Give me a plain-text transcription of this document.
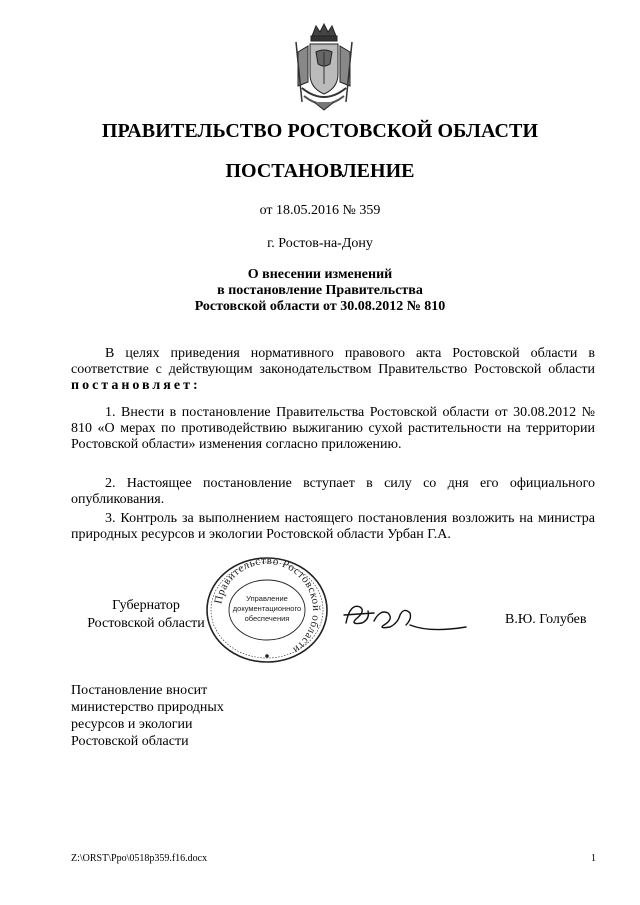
ПРАВИТЕЛЬСТВО РОСТОВСКОЙ ОБЛАСТИ
ПОСТАНОВЛЕНИЕ
от 18.05.2016 № 359
г. Ростов-на-Дону
О внесении изменений
в постановление Правительства
Ростовской области от 30.08.2012 № 810
В целях приведения нормативного правового акта Ростовской области в соответствие с действующим законодательством Правительство Ростовской области постановляет:
1. Внести в постановление Правительства Ростовской области от 30.08.2012 № 810 «О мерах по противодействию выжиганию сухой растительности на территории Ростовской области» изменения согласно приложению.
2. Настоящее постановление вступает в силу со дня его официального опубликования.
3. Контроль за выполнением настоящего постановления возложить на министра природных ресурсов и экологии Ростовской области Урбан Г.А.
Губернатор
Ростовской области
Правительство Ростовской области
Управление
документационного
обеспечения	В.Ю. Голубев
Постановление вносит
министерство природных
ресурсов и экологии
Ростовской области
Z:\ORST\Ppo\0518p359.f16.docx	1
